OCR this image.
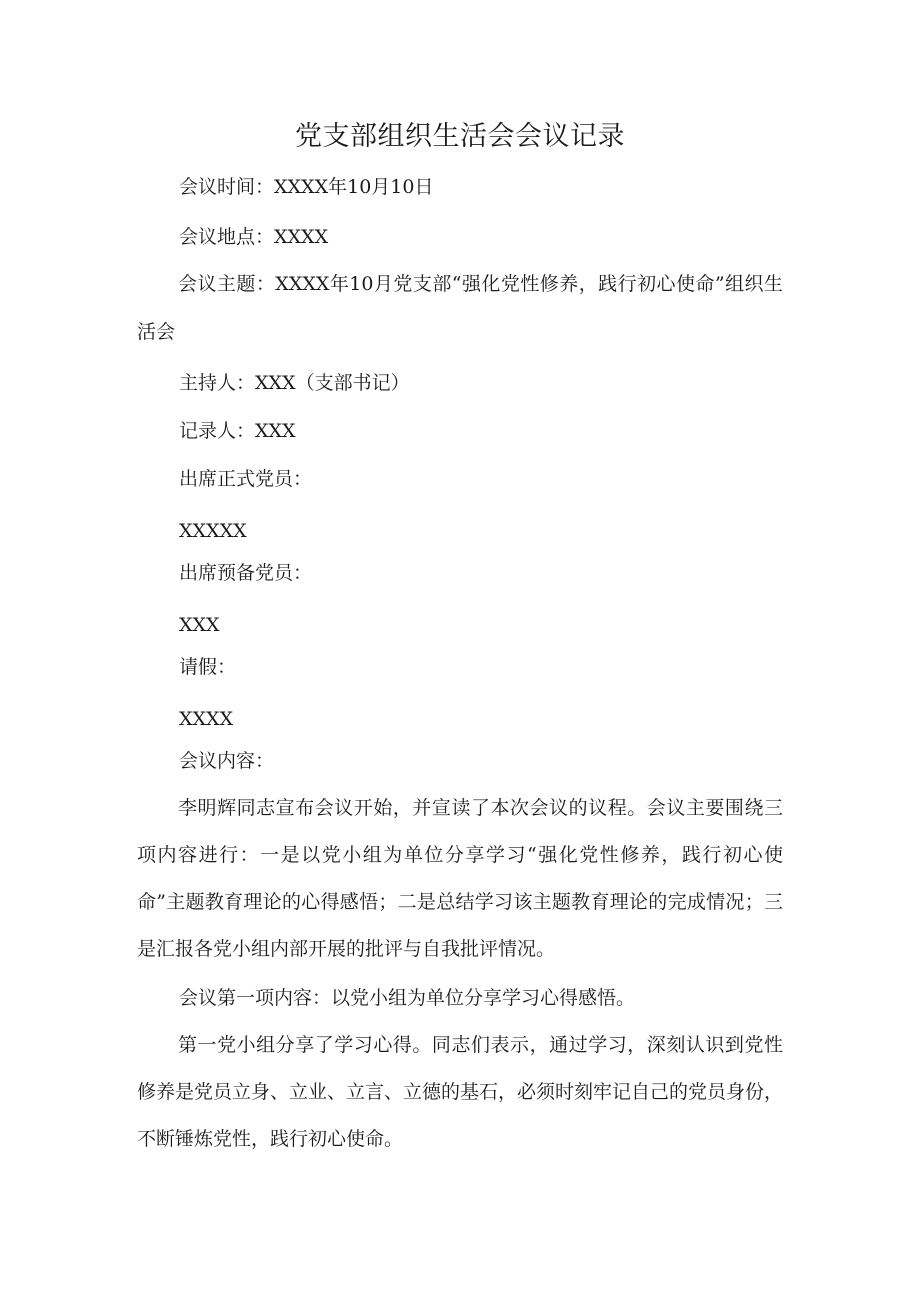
党支部组织生活会会议记录

会议时间：XXXX年10月10日

会议地点：XXXX

会议主题：XXXX年10月党支部“强化党性修养，践行初心使命”组织生活会

主持人：XXX（支部书记）

记录人：XXX

出席正式党员：

XXXXX

出席预备党员：

XXX

请假：

XXXX

会议内容：

李明辉同志宣布会议开始，并宣读了本次会议的议程。会议主要围绕三项内容进行：一是以党小组为单位分享学习“强化党性修养，践行初心使命”主题教育理论的心得感悟；二是总结学习该主题教育理论的完成情况；三是汇报各党小组内部开展的批评与自我批评情况。

会议第一项内容：以党小组为单位分享学习心得感悟。

第一党小组分享了学习心得。同志们表示，通过学习，深刻认识到党性修养是党员立身、立业、立言、立德的基石，必须时刻牢记自己的党员身份，不断锤炼党性，践行初心使命。
